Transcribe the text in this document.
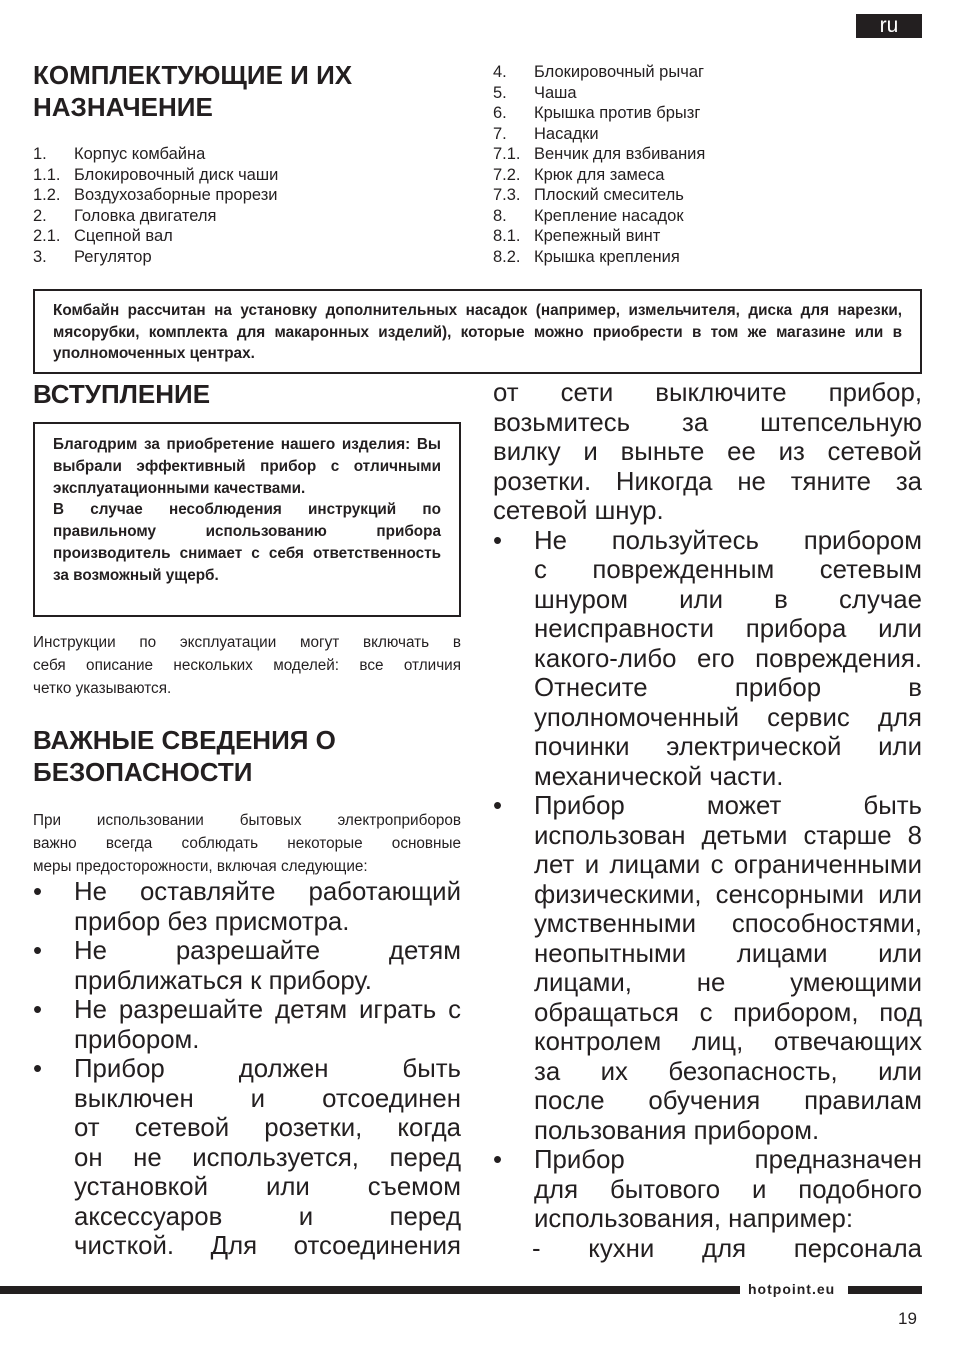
ru
КОМПЛЕКТУЮЩИЕ И ИХ
НАЗНАЧЕНИЕ
1.	Корпус комбайна
1.1. Блокировочный диск чаши
1.2. Воздухозаборные прорези
2.	Головка двигателя
2.1. Сцепной вал
3.	Регулятор
4.	Блокировочный рычаг
5.	Чаша
6.	Крышка против брызг
7.	Насадки
7.1. Венчик для взбивания
7.2. Крюк для замеса
7.3. Плоский смеситель
8.	Крепление насадок
8.1. Крепежный винт
8.2. Крышка крепления
Комбайн рассчитан на установку дополнительных насадок (например, измельчителя, диска для нарезки, мясорубки, комплекта для макаронных изделий), которые можно приобрести в том же магазине или в уполномоченных центрах.
ВСТУПЛЕНИЕ

Благодрим за приобретение нашего изделия: Вы выбрали эффективный прибор с отличными эксплуатационными качествами.

В случае несоблюдения инструкций по правильному использованию прибора производитель снимает с себя ответственность за возможный ущерб.

Инструкции по эксплуатации могут включать в
себя описание нескольких моделей: все отличия
четко указываются.
ВАЖНЫЕ СВЕДЕНИЯ О
БЕЗОПАСНОСТИ
При использовании бытовых электроприборов
важно всегда соблюдать некоторые основные
меры предосторожности, включая следующие:
•	Не оставляйте работающий
прибор без присмотра.
•	Не разрешайте детям
приближаться к прибору.
•	Не разрешайте детям играть с
прибором.
•	Прибор должен быть
выключен и отсоединен
от сетевой розетки, когда
он не используется, перед
установкой или съемом
аксессуаров и перед
чисткой. Для отсоединения
от сети выключите прибор,
возьмитесь за штепсельную
вилку и выньте ее из сетевой
розетки. Никогда не тяните за
сетевой шнур.
•	Не пользуйтесь прибором
с поврежденным сетевым
шнуром или в случае
неисправности прибора или
какого-либо его повреждения.
Отнесите прибор в
уполномоченный сервис для
починки электрической или
механической части.
•	Прибор может быть
использован детьми старше 8
лет и лицами с ограниченными
физическими, сенсорными или
умственными способностями,
неопытными лицами или
лицами, не умеющими
обращаться с прибором, под
контролем лиц, отвечающих
за их безопасность, или
после обучения правилам
пользования прибором.
•	Прибор предназначен
для бытового и подобного
использования, например:
- кухни для персонала
hotpoint.eu
19
